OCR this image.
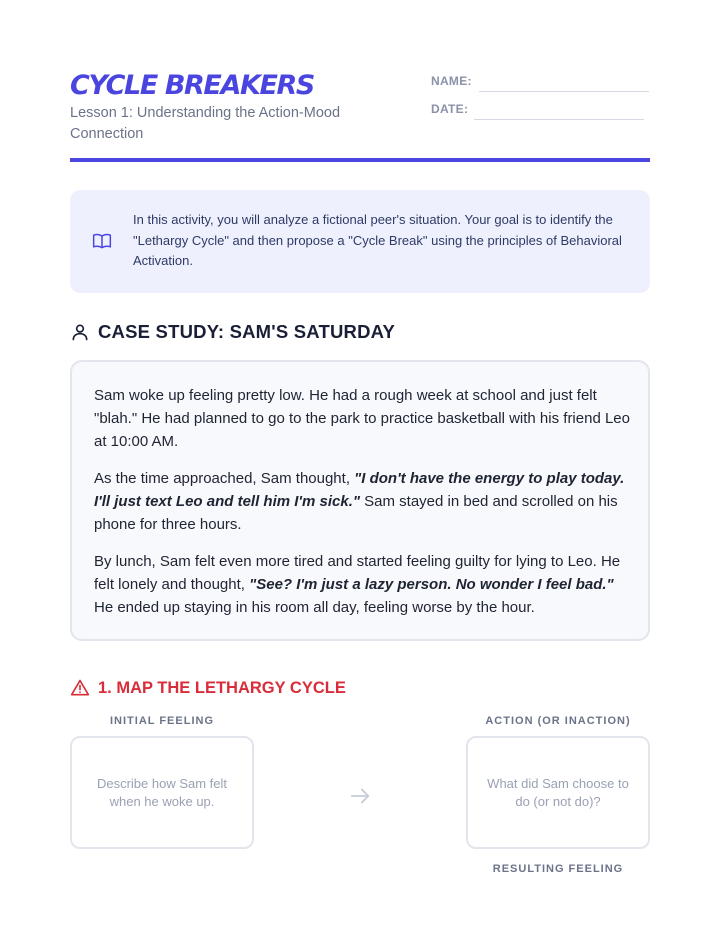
CYCLE BREAKERS
Lesson 1: Understanding the Action-Mood Connection
NAME:
DATE:
In this activity, you will analyze a fictional peer's situation. Your goal is to identify the "Lethargy Cycle" and then propose a "Cycle Break" using the principles of Behavioral Activation.
CASE STUDY: SAM'S SATURDAY

Sam woke up feeling pretty low. He had a rough week at school and just felt "blah." He had planned to go to the park to practice basketball with his friend Leo at 10:00 AM.

As the time approached, Sam thought, "I don't have the energy to play today. I'll just text Leo and tell him I'm sick." Sam stayed in bed and scrolled on his phone for three hours.

By lunch, Sam felt even more tired and started feeling guilty for lying to Leo. He felt lonely and thought, "See? I'm just a lazy person. No wonder I feel bad." He ended up staying in his room all day, feeling worse by the hour.

1. MAP THE LETHARGY CYCLE
INITIAL FEELING	ACTION (OR INACTION)
Describe how Sam felt when he woke up.
What did Sam choose to do (or not do)?
RESULTING FEELING
